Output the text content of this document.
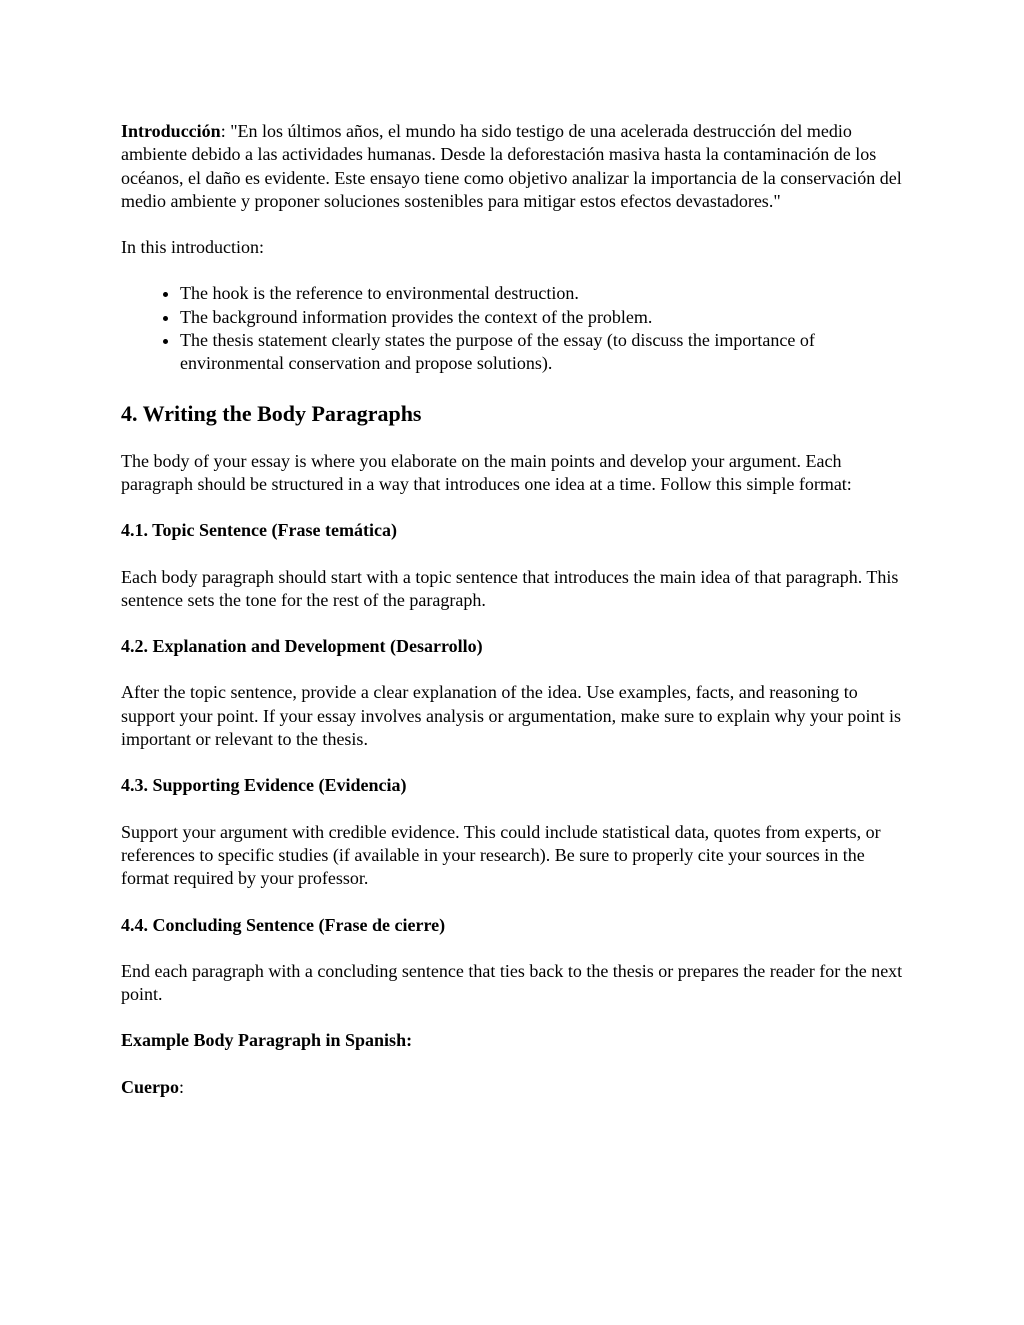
Introducción: "En los últimos años, el mundo ha sido testigo de una acelerada destrucción del medio ambiente debido a las actividades humanas. Desde la deforestación masiva hasta la contaminación de los océanos, el daño es evidente. Este ensayo tiene como objetivo analizar la importancia de la conservación del medio ambiente y proponer soluciones sostenibles para mitigar estos efectos devastadores."

In this introduction:

• The hook is the reference to environmental destruction.
• The background information provides the context of the problem.
• The thesis statement clearly states the purpose of the essay (to discuss the importance of environmental conservation and propose solutions).
4. Writing the Body Paragraphs

The body of your essay is where you elaborate on the main points and develop your argument. Each paragraph should be structured in a way that introduces one idea at a time. Follow this simple format:

4.1. Topic Sentence (Frase temática)

Each body paragraph should start with a topic sentence that introduces the main idea of that paragraph. This sentence sets the tone for the rest of the paragraph.

4.2. Explanation and Development (Desarrollo)

After the topic sentence, provide a clear explanation of the idea. Use examples, facts, and reasoning to support your point. If your essay involves analysis or argumentation, make sure to explain why your point is important or relevant to the thesis.

4.3. Supporting Evidence (Evidencia)

Support your argument with credible evidence. This could include statistical data, quotes from experts, or references to specific studies (if available in your research). Be sure to properly cite your sources in the format required by your professor.

4.4. Concluding Sentence (Frase de cierre)

End each paragraph with a concluding sentence that ties back to the thesis or prepares the reader for the next point.

Example Body Paragraph in Spanish:

Cuerpo:
